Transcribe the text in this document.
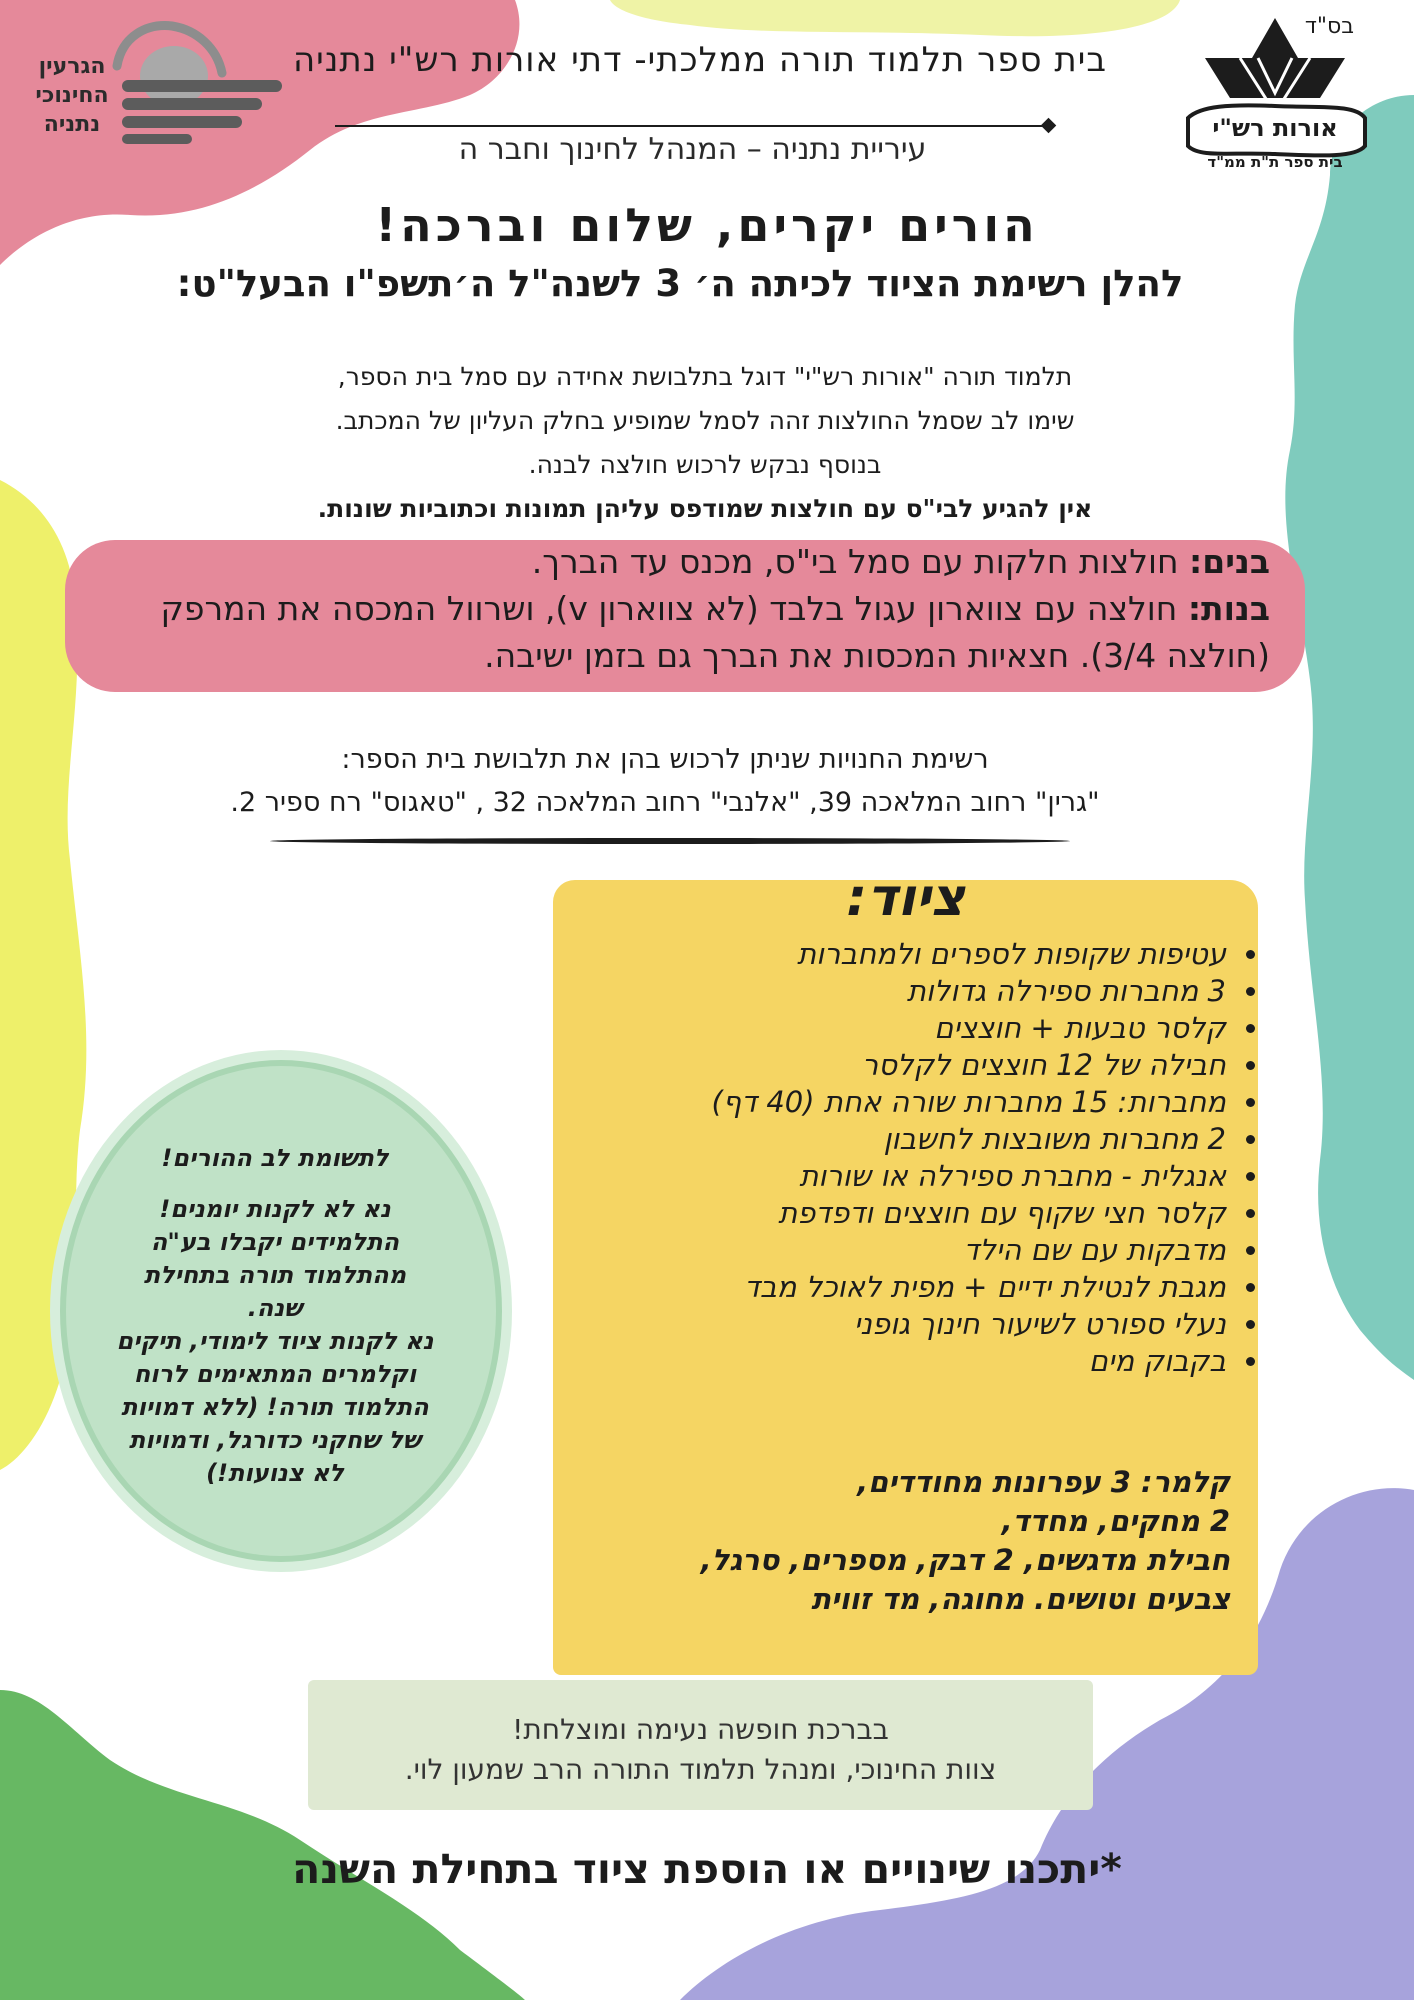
בס"ד
הגרעין
החינוכי
נתניה
בית ספר תלמוד תורה ממלכתי- דתי אורות רש"י נתניה
עיריית נתניה – המנהל לחינוך וחבר ה
אורות רש"י
בית ספר ת"ת ממ"ד
הורים יקרים, שלום וברכה!
להלן רשימת הציוד לכיתה ה׳ 3 לשנה"ל ה׳תשפ"ו הבעל"ט:
תלמוד תורה "אורות רש"י" דוגל בתלבושת אחידה עם סמל בית הספר,
שימו לב שסמל החולצות זהה לסמל שמופיע בחלק העליון של המכתב.
בנוסף נבקש לרכוש חולצה לבנה.
אין להגיע לבי"ס עם חולצות שמודפס עליהן תמונות וכתוביות שונות.
בנים: חולצות חלקות עם סמל בי"ס, מכנס עד הברך.
בנות: חולצה עם צווארון עגול בלבד (לא צווארון v), ושרוול המכסה את המרפק (חולצה 3/4). חצאיות המכסות את הברך גם בזמן ישיבה.
רשימת החנויות שניתן לרכוש בהן את תלבושת בית הספר:
"גרין" רחוב המלאכה 39, "אלנבי" רחוב המלאכה 32 , "טאגוס" רח ספיר 2.
ציוד:
• עטיפות שקופות לספרים ולמחברות
• 3 מחברות ספירלה גדולות
• קלסר טבעות + חוצצים
• חבילה של 12 חוצצים לקלסר
• מחברות: 15 מחברות שורה אחת (40 דף)
• 2 מחברות משובצות לחשבון
• אנגלית - מחברת ספירלה או שורות
• קלסר חצי שקוף עם חוצצים ודפדפת
• מדבקות עם שם הילד
• מגבת לנטילת ידיים + מפית לאוכל מבד
• נעלי ספורט לשיעור חינוך גופני
• בקבוק מים
קלמר: 3 עפרונות מחודדים,
2 מחקים, מחדד,
חבילת מדגשים, 2 דבק, מספרים, סרגל,
צבעים וטושים. מחוגה, מד זווית
לתשומת לב ההורים!
נא לא לקנות יומנים!
התלמידים יקבלו בע"ה
מהתלמוד תורה בתחילת
שנה.
נא לקנות ציוד לימודי, תיקים
וקלמרים המתאימים לרוח
התלמוד תורה! (ללא דמויות
של שחקני כדורגל, ודמויות
לא צנועות!)
בברכת חופשה נעימה ומוצלחת!
צוות החינוכי, ומנהל תלמוד התורה הרב שמעון לוי.
*יתכנו שינויים או הוספת ציוד בתחילת השנה
